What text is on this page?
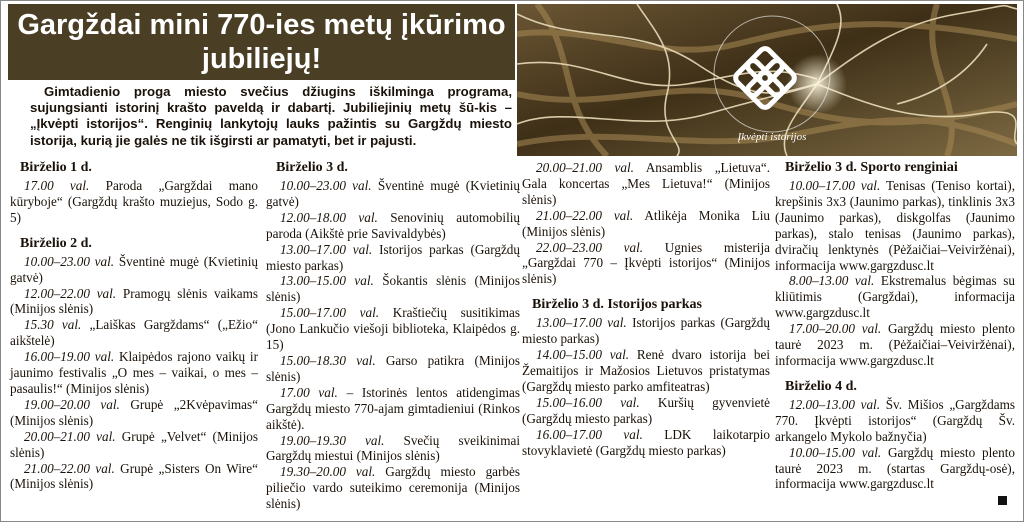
Gargždai mini 770-ies metų įkūrimo jubiliejų!
Įkvėpti istorijos

Gimtadienio proga miesto svečius džiugins iškilminga programa, sujungsianti istorinį krašto paveldą ir dabartį. Jubiliejinių metų šū-kis – „Įkvėpti istorijos“. Renginių lankytojų lauks pažintis su Gargždų miesto istorija, kurią jie galės ne tik išgirsti ar pamatyti, bet ir pajusti.

Birželio 1 d.

17.00 val. Paroda „Gargždai mano kūryboje“ (Gargždų krašto muziejus, Sodo g. 5)

Birželio 2 d.

10.00–23.00 val. Šventinė mugė (Kvietinių gatvė)

12.00–22.00 val. Pramogų slėnis vaikams (Minijos slėnis)

15.30 val. „Laiškas Gargždams“ („Ežio“ aikštelė)

16.00–19.00 val. Klaipėdos rajono vaikų ir jaunimo festivalis „O mes – vaikai, o mes – pasaulis!“ (Minijos slėnis)

19.00–20.00 val. Grupė „2Kvėpavimas“ (Minijos slėnis)

20.00–21.00 val. Grupė „Velvet“ (Minijos slėnis)

21.00–22.00 val. Grupė „Sisters On Wire“ (Minijos slėnis)

Birželio 3 d.

10.00–23.00 val. Šventinė mugė (Kvietinių gatvė)

12.00–18.00 val. Senovinių automobilių paroda (Aikštė prie Savivaldybės)

13.00–17.00 val. Istorijos parkas (Gargždų miesto parkas)

13.00–15.00 val. Šokantis slėnis (Minijos slėnis)

15.00–17.00 val. Kraštiečių susitikimas (Jono Lankučio viešoji biblioteka, Klaipėdos g. 15)

15.00–18.30 val. Garso patikra (Minijos slėnis)

17.00 val. – Istorinės lentos atidengimas Gargždų miesto 770-ajam gimtadieniui (Rinkos aikštė).

19.00–19.30 val. Svečių sveikinimai Gargždų miestui (Minijos slėnis)

19.30–20.00 val. Gargždų miesto garbės piliečio vardo suteikimo ceremonija (Minijos slėnis)

20.00–21.00 val. Ansamblis „Lietuva“. Gala koncertas „Mes Lietuva!“ (Minijos slėnis)

21.00–22.00 val. Atlikėja Monika Liu (Minijos slėnis)

22.00–23.00 val. Ugnies misterija „Gargždai 770 – Įkvėpti istorijos“ (Minijos slėnis)

Birželio 3 d. Istorijos parkas

13.00–17.00 val. Istorijos parkas (Gargždų miesto parkas)

14.00–15.00 val. Renė dvaro istorija bei Žemaitijos ir Mažosios Lietuvos pristatymas (Gargždų miesto parko amfiteatras)

15.00–16.00 val. Kuršių gyvenvietė (Gargždų miesto parkas)

16.00–17.00 val. LDK laikotarpio stovyklavietė (Gargždų miesto parkas)

Birželio 3 d. Sporto renginiai

10.00–17.00 val. Tenisas (Teniso kortai), krepšinis 3x3 (Jaunimo parkas), tinklinis 3x3 (Jaunimo parkas), diskgolfas (Jaunimo parkas), stalo tenisas (Jaunimo parkas), dviračių lenktynės (Pėžaičiai–Veiviržėnai), informacija www.gargzdusc.lt

8.00–13.00 val. Ekstremalus bėgimas su kliūtimis (Gargždai), informacija www.gargzdusc.lt

17.00–20.00 val. Gargždų miesto plento taurė 2023 m. (Pėžaičiai–Veiviržėnai), informacija www.gargzdusc.lt

Birželio 4 d.

12.00–13.00 val. Šv. Mišios „Gargždams 770. Įkvėpti istorijos“ (Gargždų Šv. arkangelo Mykolo bažnyčia)

10.00–15.00 val. Gargždų miesto plento taurė 2023 m. (startas Gargždų-osė), informacija www.gargzdusc.lt
